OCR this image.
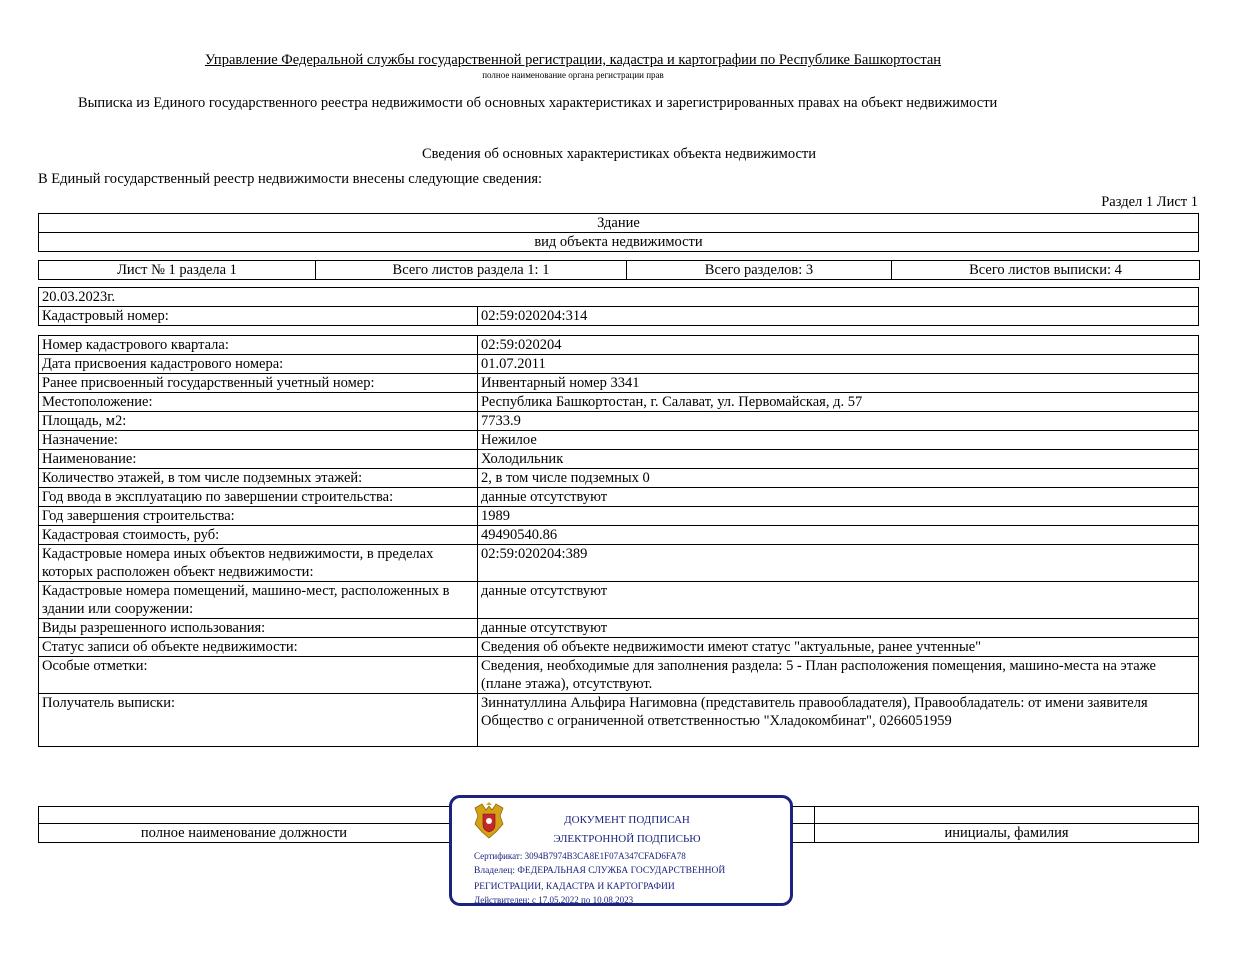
Управление Федеральной службы государственной регистрации, кадастра и картографии по Республике Башкортостан
полное наименование органа регистрации прав
Выписка из Единого государственного реестра недвижимости об основных характеристиках и зарегистрированных правах на объект недвижимости
Сведения об основных характеристиках объекта недвижимости
В Единый государственный реестр недвижимости внесены следующие сведения:
Раздел 1 Лист 1
Здание
вид объекта недвижимости
Лист № 1 раздела 1	Всего листов раздела 1: 1	Всего разделов: 3	Всего листов выписки: 4
20.03.2023г.
Кадастровый номер:	02:59:020204:314
Номер кадастрового квартала:	02:59:020204
Дата присвоения кадастрового номера:	01.07.2011
Ранее присвоенный государственный учетный номер:	Инвентарный номер 3341
Местоположение:	Республика Башкортостан, г. Салават, ул. Первомайская, д. 57
Площадь, м2:	7733.9
Назначение:	Нежилое
Наименование:	Холодильник
Количество этажей, в том числе подземных этажей:	2, в том числе подземных 0
Год ввода в эксплуатацию по завершении строительства:	данные отсутствуют
Год завершения строительства:	1989
Кадастровая стоимость, руб:	49490540.86
Кадастровые номера иных объектов недвижимости, в пределах которых расположен объект недвижимости:	02:59:020204:389
Кадастровые номера помещений, машино-мест, расположенных в здании или сооружении:	данные отсутствуют
Виды разрешенного использования:	данные отсутствуют
Статус записи об объекте недвижимости:	Сведения об объекте недвижимости имеют статус "актуальные, ранее учтенные"
Особые отметки:	Сведения, необходимые для заполнения раздела: 5 - План расположения помещения, машино-места на этаже (плане этажа), отсутствуют.
Получатель выписки:	Зиннатуллина Альфира Нагимовна (представитель правообладателя), Правообладатель: от имени заявителя Общество с ограниченной ответственностью "Хладокомбинат", 0266051959

полное наименование должности		инициалы, фамилия
ДОКУМЕНТ ПОДПИСАН
ЭЛЕКТРОННОЙ ПОДПИСЬЮ
Сертификат: 3094B7974B3CA8E1F07A347CFAD6FA78
Владелец: ФЕДЕРАЛЬНАЯ СЛУЖБА ГОСУДАРСТВЕННОЙ
РЕГИСТРАЦИИ, КАДАСТРА И КАРТОГРАФИИ
Действителен: с 17.05.2022 по 10.08.2023
